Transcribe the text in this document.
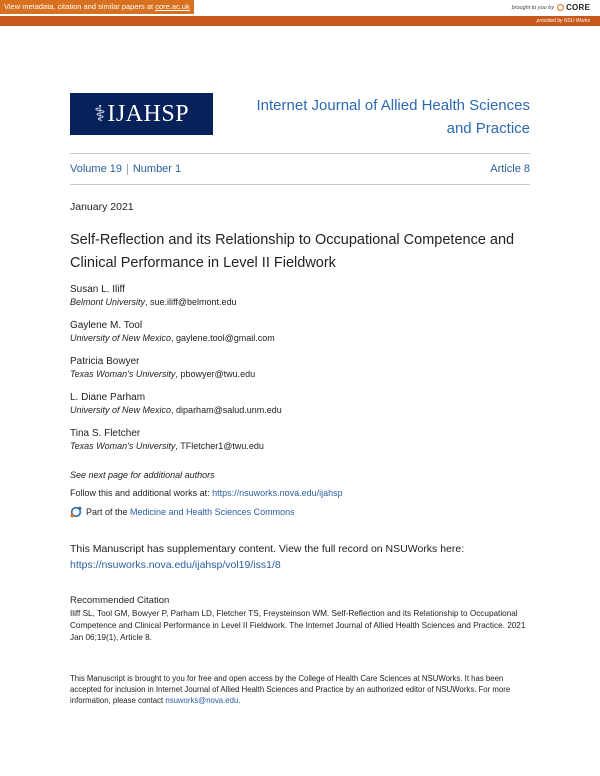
View metadata, citation and similar papers at core.ac.uk	brought to you by CORE
provided by NSU Works
⚕ IJAHSP	Internet Journal of Allied Health Sciences and Practice
Volume 19 | Number 1	Article 8
January 2021
Self-Reflection and its Relationship to Occupational Competence and Clinical Performance in Level II Fieldwork
Susan L. Iliff
Belmont University, sue.iliff@belmont.edu
Gaylene M. Tool
University of New Mexico, gaylene.tool@gmail.com
Patricia Bowyer
Texas Woman's University, pbowyer@twu.edu
L. Diane Parham
University of New Mexico, diparham@salud.unm.edu
Tina S. Fletcher
Texas Woman's University, TFletcher1@twu.edu
See next page for additional authors
Follow this and additional works at: https://nsuworks.nova.edu/ijahsp
Part of the Medicine and Health Sciences Commons
This Manuscript has supplementary content. View the full record on NSUWorks here:
https://nsuworks.nova.edu/ijahsp/vol19/iss1/8
Recommended Citation
Iliff SL, Tool GM, Bowyer P, Parham LD, Fletcher TS, Freysteinson WM. Self-Reflection and its Relationship to Occupational Competence and Clinical Performance in Level II Fieldwork. The Internet Journal of Allied Health Sciences and Practice. 2021 Jan 06;19(1), Article 8.
This Manuscript is brought to you for free and open access by the College of Health Care Sciences at NSUWorks. It has been accepted for inclusion in Internet Journal of Allied Health Sciences and Practice by an authorized editor of NSUWorks. For more information, please contact nsuworks@nova.edu.
